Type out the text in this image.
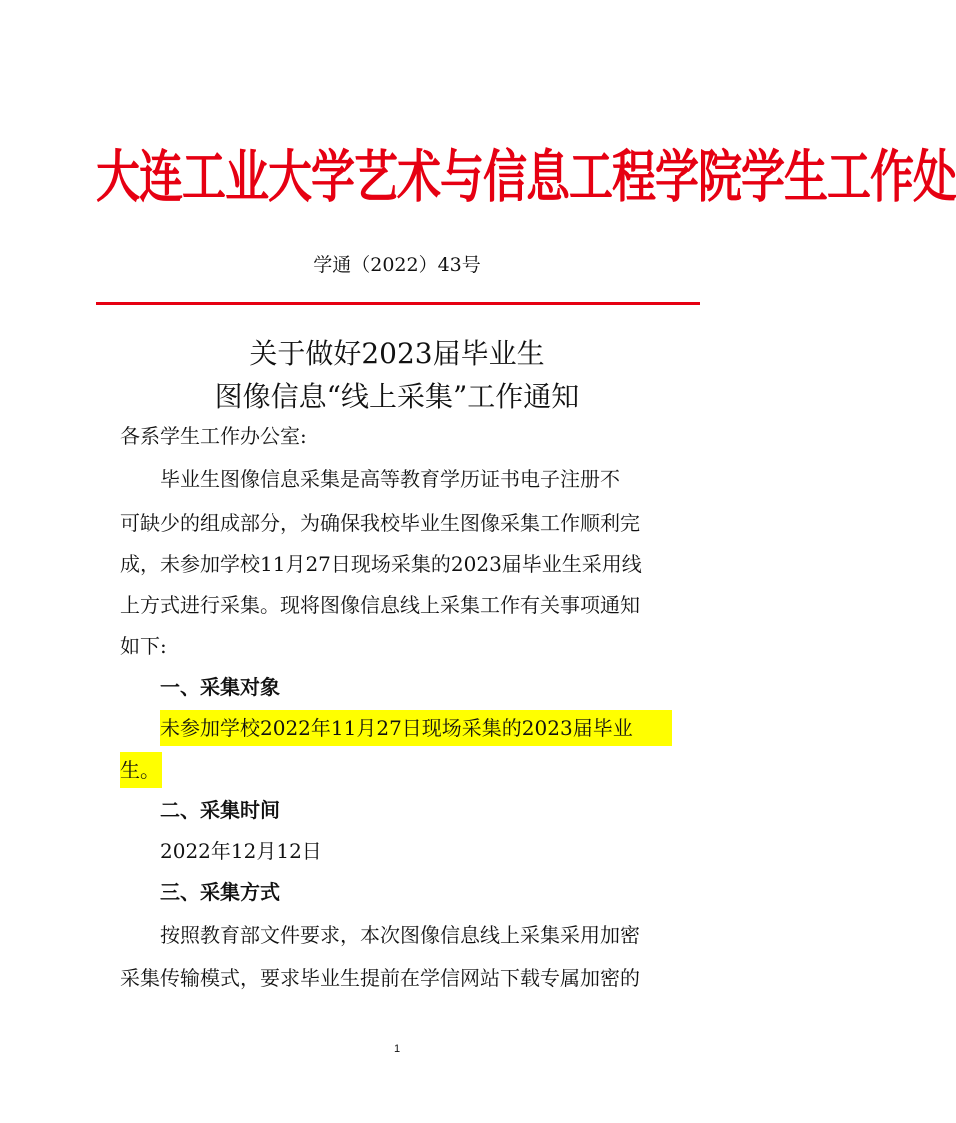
大连工业大学艺术与信息工程学院学生工作处
学通（2022）43号
关于做好2023届毕业生
图像信息“线上采集”工作通知
各系学生工作办公室:
毕业生图像信息采集是高等教育学历证书电子注册不
可缺少的组成部分，为确保我校毕业生图像采集工作顺利完
成，未参加学校11月27日现场采集的2023届毕业生采用线
上方式进行采集。现将图像信息线上采集工作有关事项通知
如下:
一、采集对象
未参加学校2022年11月27日现场采集的2023届毕业
生。
二、采集时间
2022年12月12日
三、采集方式
按照教育部文件要求，本次图像信息线上采集采用加密
采集传输模式，要求毕业生提前在学信网站下载专属加密的
1
